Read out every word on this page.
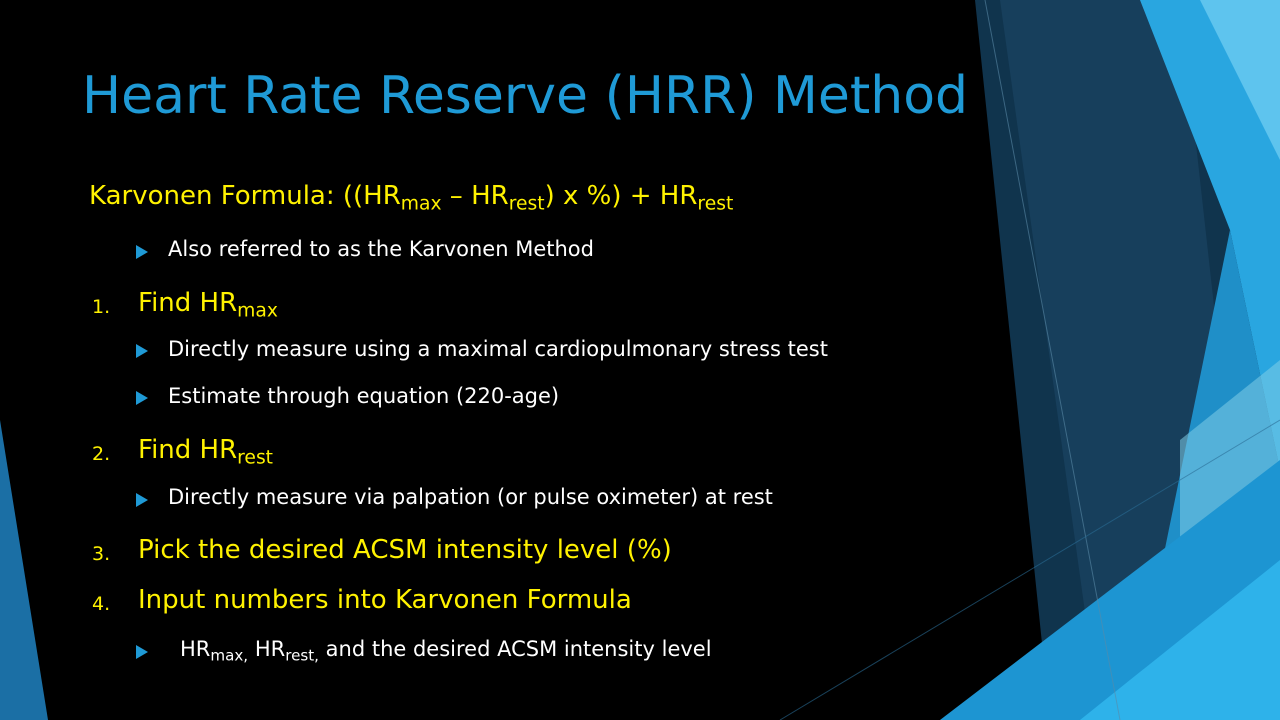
Heart Rate Reserve (HRR) Method
Karvonen Formula: ($(HR_{max} - HR_{rest})$ x %) + $HR_{rest}$
Also referred to as the Karvonen Method
1. Find $HR_{max}$
Directly measure using a maximal cardiopulmonary stress test
Estimate through equation (220-age)
2. Find $HR_{rest}$
Directly measure via palpation (or pulse oximeter) at rest
3. Pick the desired ACSM intensity level (%)
4. Input numbers into Karvonen Formula
$HR_{max,}$ $HR_{rest,}$ and the desired ACSM intensity level
